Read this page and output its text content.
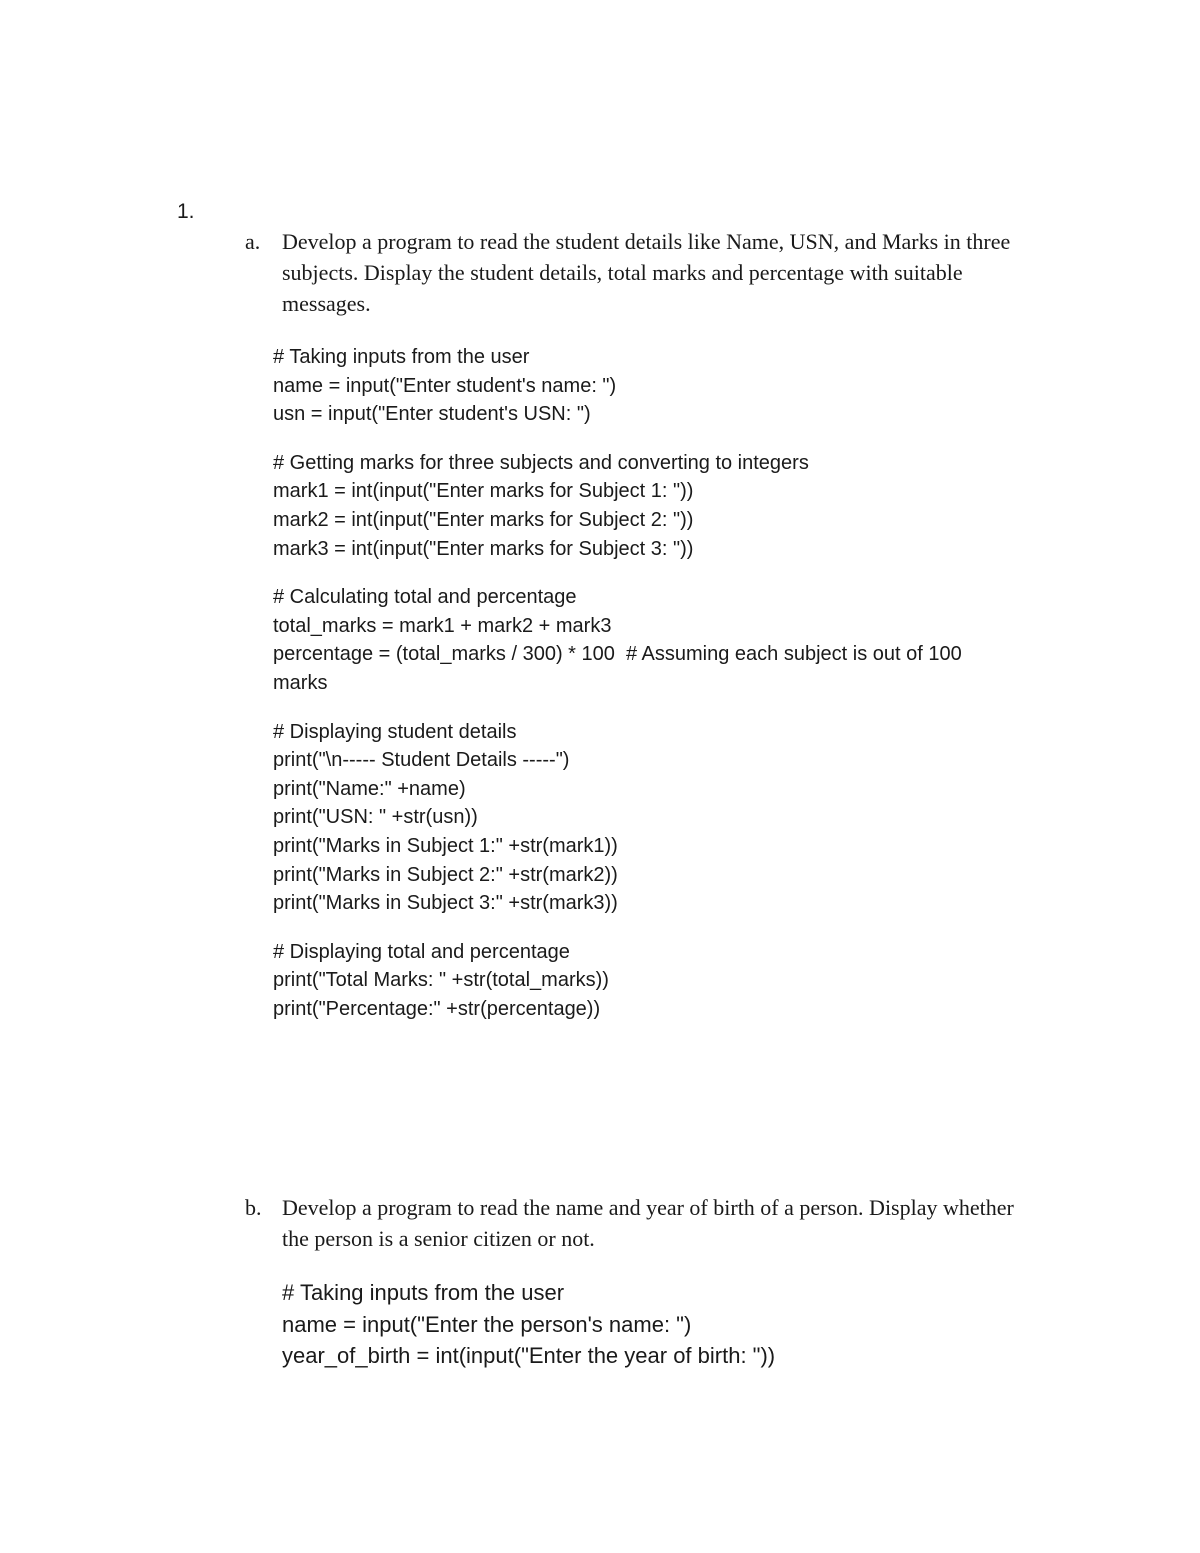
1.
a. Develop a program to read the student details like Name, USN, and Marks in three subjects. Display the student details, total marks and percentage with suitable messages.

# Taking inputs from the user
name = input("Enter student's name: ")
usn = input("Enter student's USN: ")
# Getting marks for three subjects and converting to integers
mark1 = int(input("Enter marks for Subject 1: "))
mark2 = int(input("Enter marks for Subject 2: "))
mark3 = int(input("Enter marks for Subject 3: "))
# Calculating total and percentage
total_marks = mark1 + mark2 + mark3
percentage = (total_marks / 300) * 100  # Assuming each subject is out of 100
marks
# Displaying student details
print("\n----- Student Details -----")
print("Name:" +name)
print("USN: " +str(usn))
print("Marks in Subject 1:" +str(mark1))
print("Marks in Subject 2:" +str(mark2))
print("Marks in Subject 3:" +str(mark3))
# Displaying total and percentage
print("Total Marks: " +str(total_marks))
print("Percentage:" +str(percentage))
b. Develop a program to read the name and year of birth of a person. Display whether the person is a senior citizen or not.

# Taking inputs from the user
name = input("Enter the person's name: ")
year_of_birth = int(input("Enter the year of birth: "))
